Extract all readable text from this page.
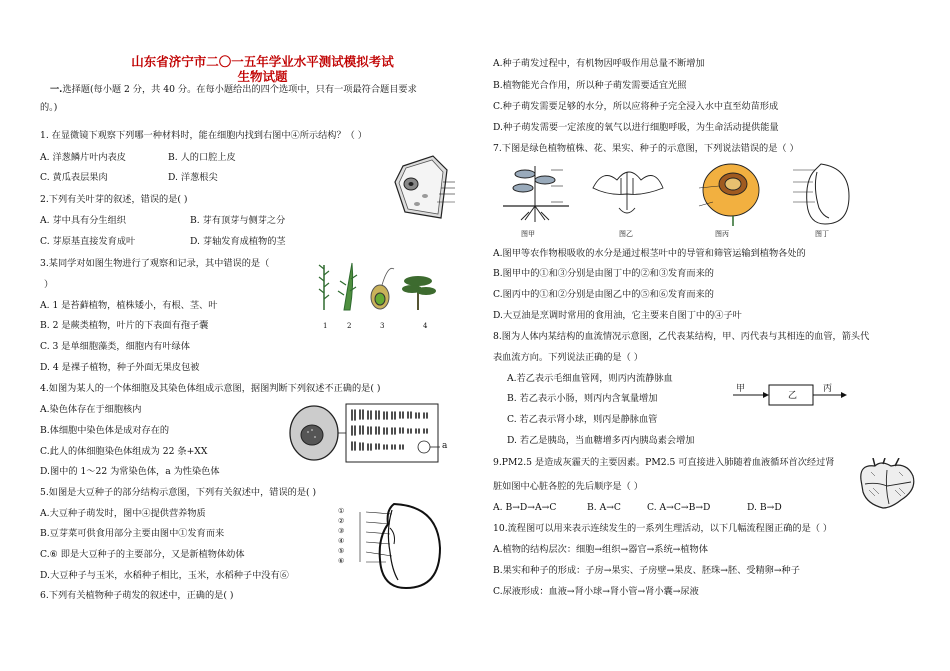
山东省济宁市二〇一五年学业水平测试模拟考试
生物试题
一.选择题(每小题 2 分，共 40 分。在每小题给出的四个选项中，只有一项最符合题目要求
的。)
1. 在显微镜下观察下列哪一种材料时，能在细胞内找到右图中④所示结构？（ ）
A. 洋葱鳞片叶内表皮	B. 人的口腔上皮
C. 黄瓜表层果肉	D. 洋葱根尖
2.下列有关叶芽的叙述，错误的是( )
A. 芽中具有分生组织	B. 芽有顶芽与侧芽之分
C. 芽原基直接发育成叶	D. 芽轴发育成植物的茎
3.某同学对如图生物进行了观察和记录，其中错误的是（
）
A. 1 是苔藓植物，植株矮小，有根、茎、叶
B. 2 是蕨类植物，叶片的下表面有孢子囊
C. 3 是单细胞藻类，细胞内有叶绿体
D. 4 是裸子植物，种子外面无果皮包被
1	2	3	4
4.如图为某人的一个体细胞及其染色体组成示意图，据图判断下列叙述不正确的是( )
A.染色体存在于细胞核内
B.体细胞中染色体是成对存在的
C.此人的体细胞染色体组成为 22 条+XX
D.图中的 1～22 为常染色体，a 为性染色体
a
5.如图是大豆种子的部分结构示意图，下列有关叙述中，错误的是( )
A.大豆种子萌发时，图中④提供营养物质
B.豆芽菜可供食用部分主要由图中①发育而来
C.⑥ 即是大豆种子的主要部分，又是新植物体幼体
D.大豆种子与玉米，水稻种子相比，玉米，水稻种子中没有⑥
①
②
③
④
⑤
⑥
6.下列有关植物种子萌发的叙述中，正确的是( )
A.种子萌发过程中，有机物因呼吸作用总量不断增加
B.植物能光合作用，所以种子萌发需要适宜光照
C.种子萌发需要足够的水分，所以应将种子完全浸入水中直至幼苗形成
D.种子萌发需要一定浓度的氧气以进行细胞呼吸，为生命活动提供能量
7.下图是绿色植物植株、花、果实、种子的示意图，下列说法错误的是（ ）
图甲	图乙	图丙	图丁
A.图甲等农作物根吸收的水分是通过根茎叶中的导管和筛管运输到植物各处的
B.图甲中的①和③分别是由图丁中的②和③发育而来的
C.图丙中的①和②分别是由图乙中的⑤和⑥发育而来的
D.大豆油是烹调时常用的食用油，它主要来自图丁中的④子叶
8.图为人体内某结构的血流情况示意图，乙代表某结构，甲、丙代表与其相连的血管，箭头代
表血流方向。下列说法正确的是（ ）
A.若乙表示毛细血管网，则丙内流静脉血
B. 若乙表示小肠，则丙内含氧量增加
C. 若乙表示肾小球，则丙是静脉血管
D. 若乙是胰岛，当血糖增多丙内胰岛素会增加
甲
乙
丙
9.PM2.5 是造成灰霾天的主要因素。PM2.5 可直接进入肺随着血液循环首次经过肾
脏如图中心脏各腔的先后顺序是（ ）
A. B→D→A→C	B. A→C	C. A→C→B→D	D. B→D
10.流程图可以用来表示连续发生的一系列生理活动，以下几幅流程图正确的是（ ）
A.植物的结构层次：细胞→组织→器官→系统→植物体
B.果实和种子的形成：子房→果实、子房壁→果皮、胚珠→胚、受精卵→种子
C.尿液形成：血液→肾小球→肾小管→肾小囊→尿液
